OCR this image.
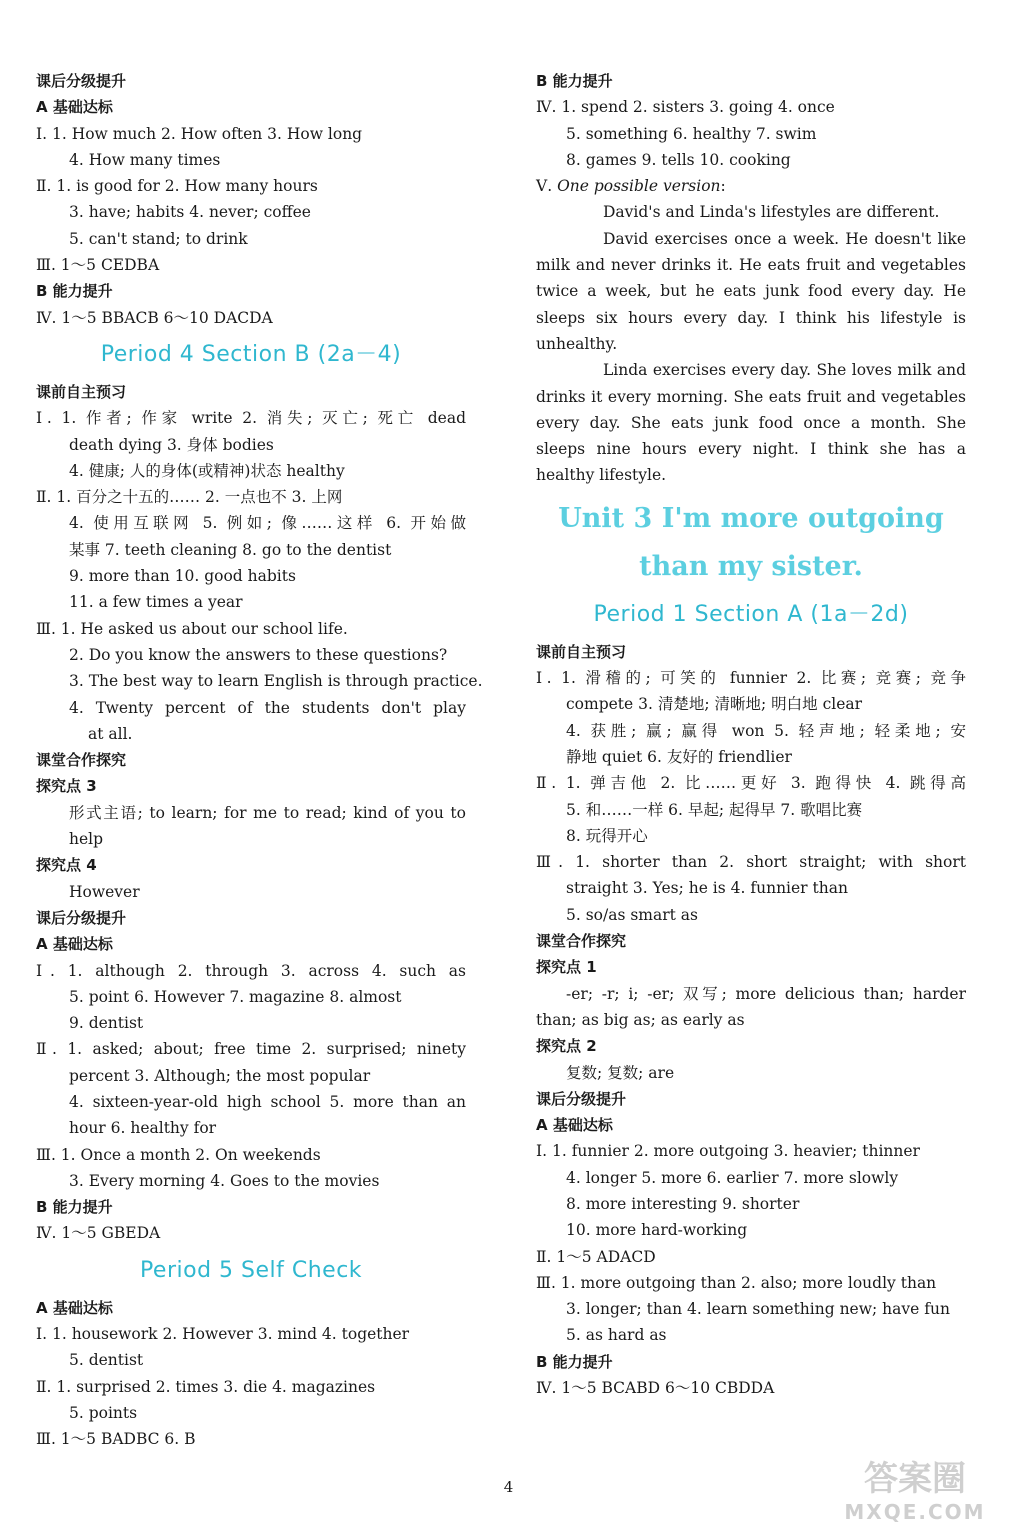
课后分级提升
A 基础达标
Ⅰ. 1. How much 2. How often 3. How long
4. How many times
Ⅱ. 1. is good for 2. How many hours
3. have; habits 4. never; coffee
5. can't stand; to drink
Ⅲ. 1～5 CEDBA
B 能力提升
Ⅳ. 1～5 BBACB 6～10 DACDA
Period 4 Section B (2a－4)
课前自主预习
Ⅰ. 1. 作者; 作家 write 2. 消失; 灭亡; 死亡 dead
death dying 3. 身体 bodies
4. 健康; 人的身体(或精神)状态 healthy
Ⅱ. 1. 百分之十五的…… 2. 一点也不 3. 上网
4. 使用互联网 5. 例如; 像……这样 6. 开始做
某事 7. teeth cleaning 8. go to the dentist
9. more than 10. good habits
11. a few times a year
Ⅲ. 1. He asked us about our school life.
2. Do you know the answers to these questions?
3. The best way to learn English is through practice.
4. Twenty percent of the students don't play
at all.
课堂合作探究
探究点 3
形式主语; to learn; for me to read; kind of you to
help
探究点 4
However
课后分级提升
A 基础达标
Ⅰ. 1. although 2. through 3. across 4. such as
5. point 6. However 7. magazine 8. almost
9. dentist
Ⅱ. 1. asked; about; free time 2. surprised; ninety
percent 3. Although; the most popular
4. sixteen-year-old high school 5. more than an
hour 6. healthy for
Ⅲ. 1. Once a month 2. On weekends
3. Every morning 4. Goes to the movies
B 能力提升
Ⅳ. 1～5 GBEDA
Period 5 Self Check
A 基础达标
Ⅰ. 1. housework 2. However 3. mind 4. together
5. dentist
Ⅱ. 1. surprised 2. times 3. die 4. magazines
5. points
Ⅲ. 1～5 BADBC 6. B
B 能力提升
Ⅳ. 1. spend 2. sisters 3. going 4. once
5. something 6. healthy 7. swim
8. games 9. tells 10. cooking
Ⅴ. One possible version:
David's and Linda's lifestyles are different.
David exercises once a week. He doesn't like
milk and never drinks it. He eats fruit and vegetables
twice a week, but he eats junk food every day. He
sleeps six hours every day. I think his lifestyle is
unhealthy.
Linda exercises every day. She loves milk and
drinks it every morning. She eats fruit and vegetables
every day. She eats junk food once a month. She
sleeps nine hours every night. I think she has a
healthy lifestyle.
Unit 3 I'm more outgoing
than my sister.
Period 1 Section A (1a－2d)
课前自主预习
Ⅰ. 1. 滑稽的; 可笑的 funnier 2. 比赛; 竞赛; 竞争
compete 3. 清楚地; 清晰地; 明白地 clear
4. 获胜; 赢; 赢得 won 5. 轻声地; 轻柔地; 安
静地 quiet 6. 友好的 friendlier
Ⅱ. 1. 弹吉他 2. 比……更好 3. 跑得快 4. 跳得高
5. 和……一样 6. 早起; 起得早 7. 歌唱比赛
8. 玩得开心
Ⅲ. 1. shorter than 2. short straight; with short
straight 3. Yes; he is 4. funnier than
5. so/as smart as
课堂合作探究
探究点 1
-er; -r; i; -er; 双写; more delicious than; harder
than; as big as; as early as
探究点 2
复数; 复数; are
课后分级提升
A 基础达标
Ⅰ. 1. funnier 2. more outgoing 3. heavier; thinner
4. longer 5. more 6. earlier 7. more slowly
8. more interesting 9. shorter
10. more hard-working
Ⅱ. 1～5 ADACD
Ⅲ. 1. more outgoing than 2. also; more loudly than
3. longer; than 4. learn something new; have fun
5. as hard as
B 能力提升
Ⅳ. 1～5 BCABD 6～10 CBDDA
4	答案圈
MXQE.COM
